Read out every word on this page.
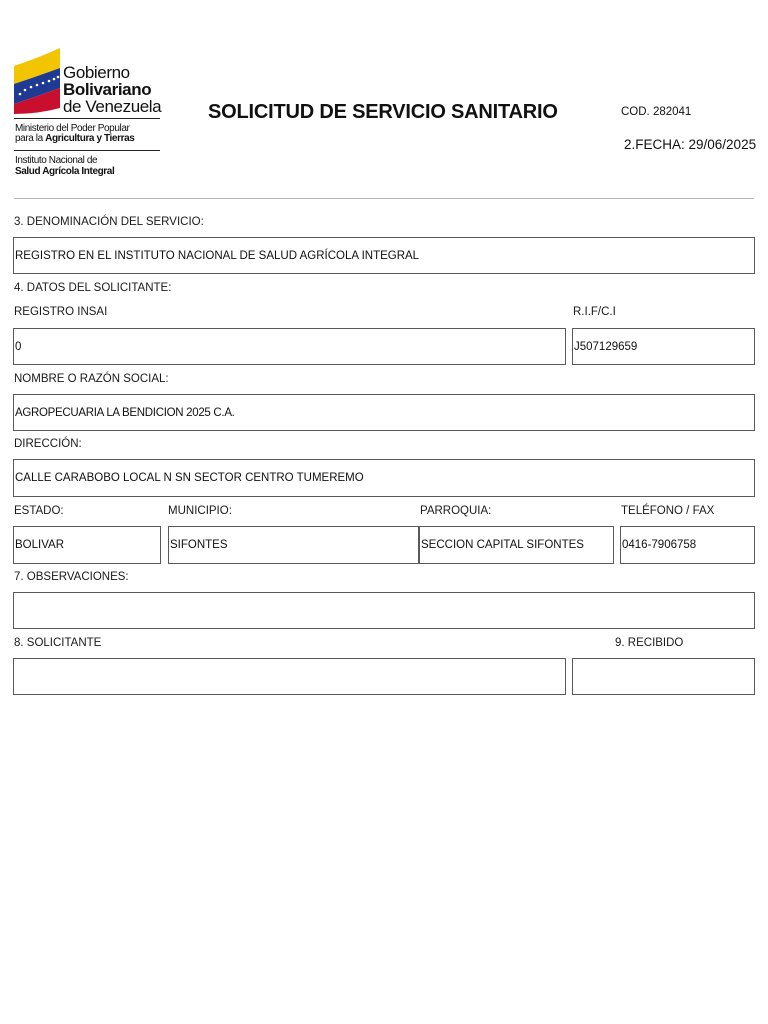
Gobierno
Bolivariano
de Venezuela
Ministerio del Poder Popular
para la Agricultura y Tierras
Instituto Nacional de
Salud Agrícola Integral
SOLICITUD DE SERVICIO SANITARIO	COD. 282041
2.FECHA: 29/06/2025
3. DENOMINACIÓN DEL SERVICIO:
REGISTRO EN EL INSTITUTO NACIONAL DE SALUD AGRÍCOLA INTEGRAL
4. DATOS DEL SOLICITANTE:
REGISTRO INSAI	R.I.F/C.I
0	J507129659
NOMBRE O RAZÓN SOCIAL:
AGROPECUARIA LA BENDICION 2025 C.A.
DIRECCIÓN:
CALLE CARABOBO LOCAL N SN SECTOR CENTRO TUMEREMO
ESTADO:	MUNICIPIO:	PARROQUIA:	TELÉFONO / FAX
BOLIVAR	SIFONTES	SECCION CAPITAL SIFONTES	0416-7906758
7. OBSERVACIONES:
8. SOLICITANTE	9. RECIBIDO
